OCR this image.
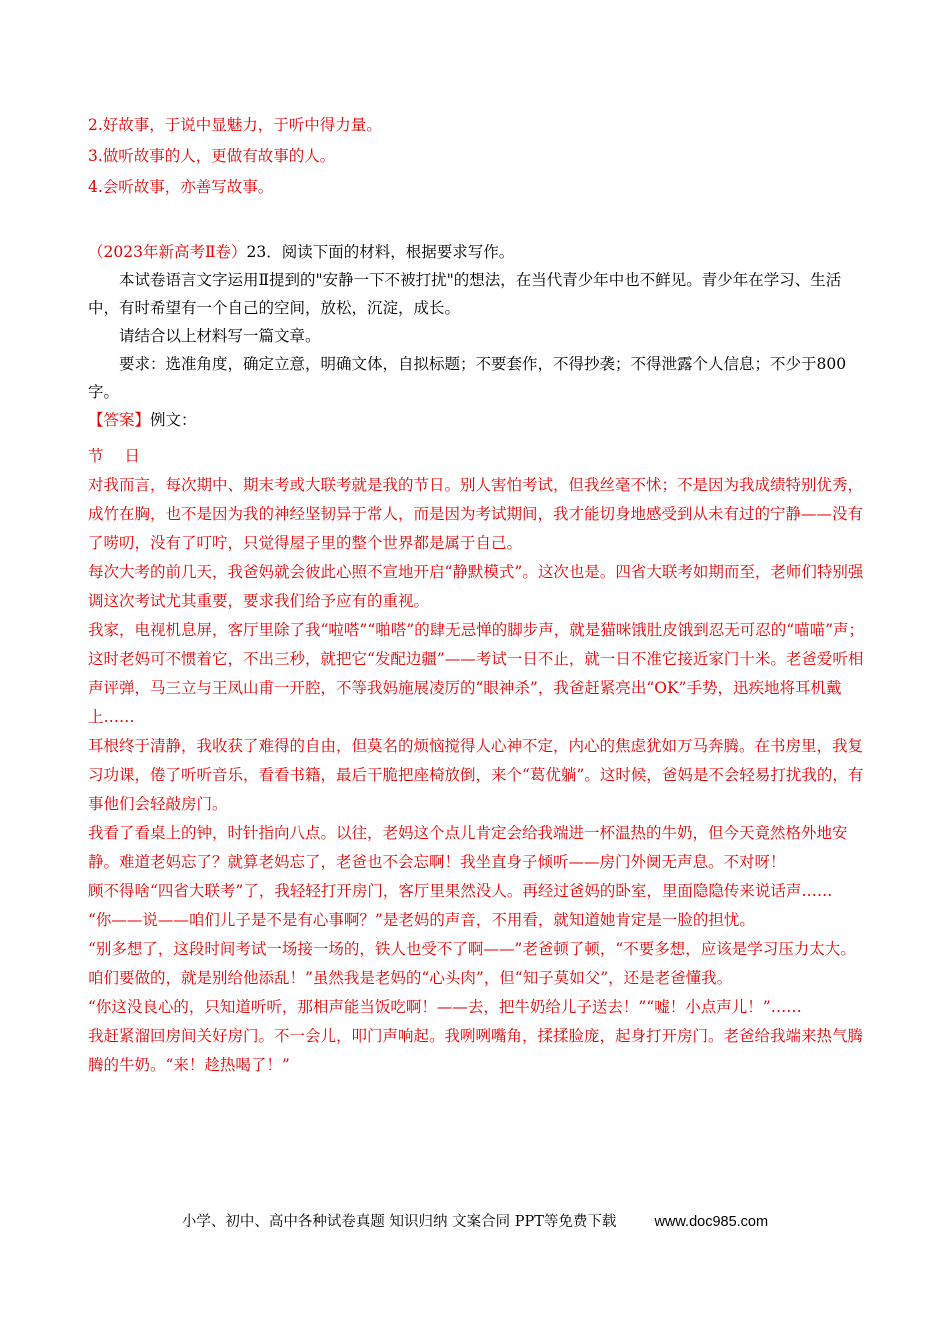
2.好故事，于说中显魅力，于听中得力量。

3.做听故事的人，更做有故事的人。

4.会听故事，亦善写故事。

（2023年新高考Ⅱ卷）23．阅读下面的材料，根据要求写作。

本试卷语言文字运用Ⅱ提到的"安静一下不被打扰"的想法，在当代青少年中也不鲜见。青少年在学习、生活中，有时希望有一个自己的空间，放松，沉淀，成长。

请结合以上材料写一篇文章。

要求：选准角度，确定立意，明确文体，自拟标题；不要套作，不得抄袭；不得泄露个人信息；不少于800字。

【答案】例文：

节 日

对我而言，每次期中、期末考或大联考就是我的节日。别人害怕考试，但我丝毫不怵；不是因为我成绩特别优秀，成竹在胸，也不是因为我的神经坚韧异于常人，而是因为考试期间，我才能切身地感受到从未有过的宁静——没有了唠叨，没有了叮咛，只觉得屋子里的整个世界都是属于自己。

每次大考的前几天，我爸妈就会彼此心照不宣地开启“静默模式”。这次也是。四省大联考如期而至，老师们特别强调这次考试尤其重要，要求我们给予应有的重视。

我家，电视机息屏，客厅里除了我“啦嗒”“啪嗒”的肆无忌惮的脚步声，就是猫咪饿肚皮饿到忍无可忍的“喵喵”声；这时老妈可不惯着它，不出三秒，就把它“发配边疆”——考试一日不止，就一日不准它接近家门十米。老爸爱听相声评弹，马三立与王凤山甫一开腔，不等我妈施展凌厉的“眼神杀”，我爸赶紧亮出“OK”手势，迅疾地将耳机戴上……

耳根终于清静，我收获了难得的自由，但莫名的烦恼搅得人心神不定，内心的焦虑犹如万马奔腾。在书房里，我复习功课，倦了听听音乐，看看书籍，最后干脆把座椅放倒，来个“葛优躺”。这时候，爸妈是不会轻易打扰我的，有事他们会轻敲房门。

我看了看桌上的钟，时针指向八点。以往，老妈这个点儿肯定会给我端进一杯温热的牛奶，但今天竟然格外地安静。难道老妈忘了？就算老妈忘了，老爸也不会忘啊！我坐直身子倾听——房门外阒无声息。不对呀！

顾不得啥“四省大联考”了，我轻轻打开房门，客厅里果然没人。再经过爸妈的卧室，里面隐隐传来说话声……

“你——说——咱们儿子是不是有心事啊？”是老妈的声音，不用看，就知道她肯定是一脸的担忧。

“别多想了，这段时间考试一场接一场的，铁人也受不了啊——”老爸顿了顿，“不要多想，应该是学习压力太大。咱们要做的，就是别给他添乱！”虽然我是老妈的“心头肉”，但“知子莫如父”，还是老爸懂我。

“你这没良心的，只知道听听，那相声能当饭吃啊！——去，把牛奶给儿子送去！”“嘘！小点声儿！”……

我赶紧溜回房间关好房门。不一会儿，叩门声响起。我咧咧嘴角，揉揉脸庞，起身打开房门。老爸给我端来热气腾腾的牛奶。“来！趁热喝了！”

小学、初中、高中各种试卷真题 知识归纳 文案合同 PPT等免费下载	www.doc985.com
